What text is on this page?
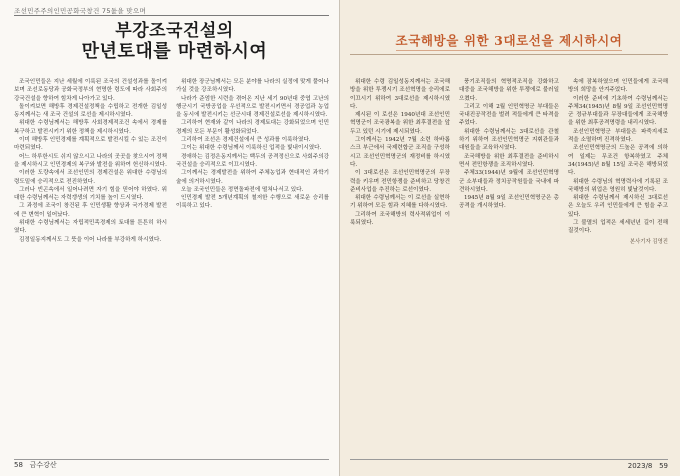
조선민주주의인민공화국창건 75돐을 맞으며
부강조국건설의
만년토대를 마련하시여

조국인민들은 지난 세월에 이룩된 조국의 건설성과를 돌이켜보며 조선로동당과 공화국정부의 현명한 령도에 따라 사회주의강국건설을 향하여 힘차게 나아가고 있다.

돌이켜보면 해방후 경제건설정책을 수립하고 전개한 김일성동지께서는 새 조국 건설의 로선을 제시하시였다.

위대한 수령님께서는 해방후 사회경제적조건 속에서 경제를 복구하고 발전시키기 위한 정책을 제시하시였다.

이미 해방후 인민경제를 계획적으로 발전시킬 수 있는 조건이 마련되였다.

어느 하루한시도 쉬지 않으시고 나라의 곳곳을 찾으시여 정책을 제시하시고 인민경제의 복구와 발전을 위하여 헌신하시였다.

이러한 도량속에서 조선인민의 경제건설은 위대한 수령님의 령도밑에 승리적으로 전진하였다.

그러나 빈곤속에서 일어나려면 자기 힘을 믿어야 하였다. 위대한 수령님께서는 자력갱생의 기치를 높이 드시였다.

그 과정에 조국이 창건된 후 인민생활 향상과 국가경제 발전에 큰 변혁이 일어났다.

위대한 수령님께서는 자립적민족경제의 토대를 튼튼히 하시였다.

김정일동지께서도 그 뜻을 이어 나라를 부강하게 하시였다.

위대한 장군님께서는 모든 분야를 나라의 실정에 맞게 풀어나가실 것을 강조하시였다.

나라가 준엄한 시련을 겪어온 지난 세기 90년대 중엽 고난의 행군시기 국방공업을 우선적으로 발전시키면서 경공업과 농업을 동시에 발전시키는 선군시대 경제건설로선을 제시하시였다.

그리하여 현재와 같이 나라의 경제토대는 강화되었으며 인민경제의 모든 부문이 활성화되었다.

그리하여 조선은 경제건설에서 큰 성과를 이룩하였다.

그이는 위대한 수령님께서 이룩하신 업적을 빛내이시였다.

경애하는 김정은동지께서는 백두의 공격정신으로 사회주의강국건설을 승리적으로 이끄시였다.

그이께서는 경제발전을 위하여 주체농업과 현대적인 과학기술에 의거하시였다.

오늘 조국인민들은 정면돌파전에 떨쳐나서고 있다.

인민경제 발전 5개년계획의 철저한 수행으로 새로운 승리를 이룩하고 있다.

58 금수강산
조국해방을 위한 3대로선을 제시하시여

위대한 수령 김일성동지께서는 조국해방을 위한 투쟁시기 조선혁명을 승리에로 이끄시기 위하여 3대로선을 제시하시였다.

제시된 이 로선은 1940년대 조선인민혁명군이 조국광복을 위한 최후결전을 앞두고 있던 시기에 제시되였다.

그이께서는 1942년 7월 소련 하바롭스크 부근에서 국제련합군 조직을 구성하시고 조선인민혁명군의 재정비를 하시였다.

이 3대로선은 조선인민혁명군의 무장력을 키우며 전민항쟁을 준비하고 당창건 준비사업을 추진하는 로선이였다.

위대한 수령님께서는 이 로선을 실현하기 위하여 모든 힘과 지혜를 다하시였다.

그리하여 조국해방의 력사적위업이 이룩되였다.

풍기조직들의 혁명적조직을 강화하고 대중을 조국해방을 위한 투쟁에로 불러일으켰다.

그리고 이해 2월 인민혁명군 부대들은 국내진공작전을 벌려 적들에게 큰 타격을 주었다.

위대한 수령님께서는 3대로선을 관철하기 위하여 조선인민혁명군 지휘관들과 대원들을 교육하시였다.

조국해방을 위한 최후결전을 준비하시면서 전민항쟁을 조직하시였다.

주체33(1944)년 9월에 조선인민혁명군 소부대들과 정치공작원들을 국내에 파견하시였다.

1945년 8월 9일 조선인민혁명군은 총공격을 개시하였다.

속에 잠복하였으며 인민들에게 조국해방의 희망을 안겨주었다.

이러한 준비에 기초하여 수령님께서는 주체34(1945)년 8월 9일 조선인민혁명군 정규부대들과 무장대들에게 조국해방을 위한 최후공격명령을 내리시였다.

조선인민혁명군 부대들은 파죽지세로 적을 소멸하며 진격하였다.

조선인민혁명군의 드높은 공격에 의하여 일제는 무조건 항복하였고 주체34(1945)년 8월 15일 조국은 해방되었다.

위대한 수령님의 혁명력사에 기록된 조국해방의 위업은 영원히 빛날것이다.

위대한 수령님께서 제시하신 3대로선은 오늘도 우리 인민들에게 큰 힘을 주고 있다.

그 불멸의 업적은 세세년년 길이 전해질것이다.

본사기자 김영진
2023/8 59
